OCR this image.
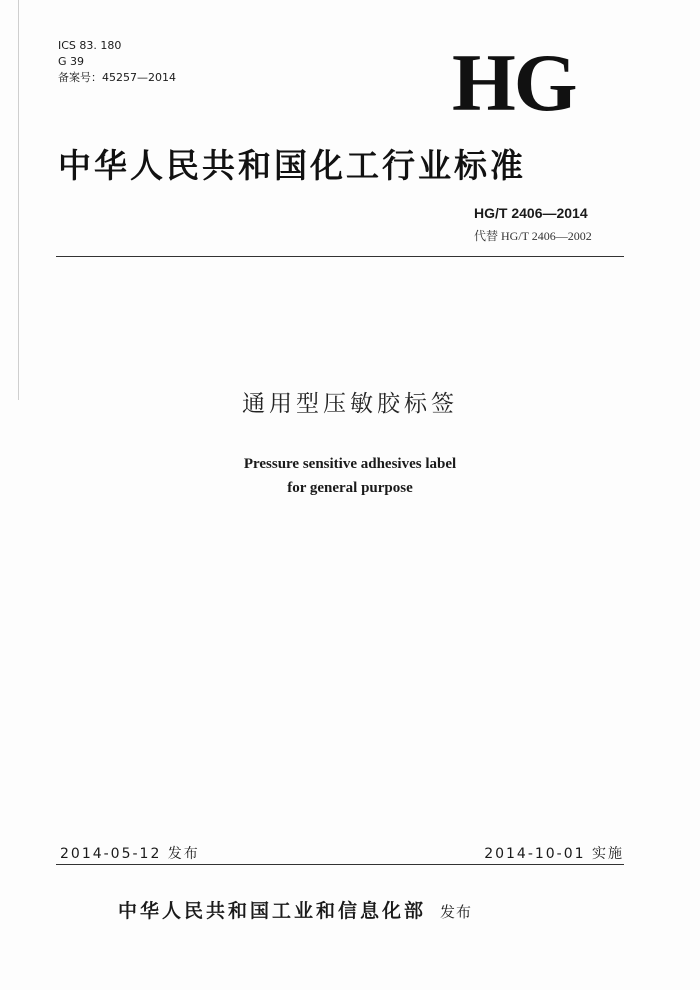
ICS 83. 180
G 39
备案号：45257—2014	HG
中华人民共和国化工行业标准
HG/T 2406—2014
代替 HG/T 2406—2002
通用型压敏胶标签
Pressure sensitive adhesives label
for general purpose
2014-05-12 发布	2014-10-01 实施
中华人民共和国工业和信息化部 发布
